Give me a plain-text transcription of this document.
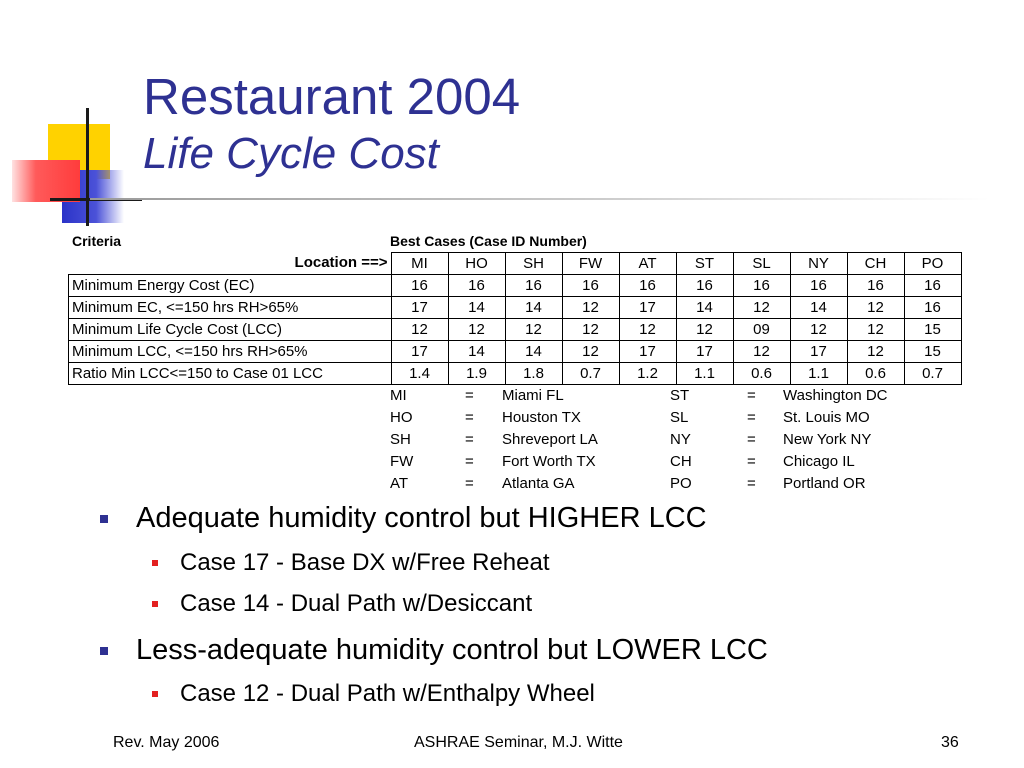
Restaurant 2004
Life Cycle Cost
Criteria	Best Cases (Case ID Number)
Location ==>	MI	HO	SH	FW	AT	ST	SL	NY	CH	PO
Minimum Energy Cost (EC)	16	16	16	16	16	16	16	16	16	16
Minimum EC, <=150 hrs RH>65%	17	14	14	12	17	14	12	14	12	16
Minimum Life Cycle Cost (LCC)	12	12	12	12	12	12	09	12	12	15
Minimum LCC, <=150 hrs RH>65%	17	14	14	12	17	17	12	17	12	15
Ratio Min LCC<=150 to Case 01 LCC	1.4	1.9	1.8	0.7	1.2	1.1	0.6	1.1	0.6	0.7
MI	= Miami FL	ST	= Washington DC
HO	= Houston TX	SL	= St. Louis MO
SH	= Shreveport LA	NY	= New York NY
FW	= Fort Worth TX	CH	= Chicago IL
AT	= Atlanta GA	PO	= Portland OR
Adequate humidity control but HIGHER LCC
Case 17 - Base DX w/Free Reheat
Case 14 - Dual Path w/Desiccant
Less-adequate humidity control but LOWER LCC
Case 12 - Dual Path w/Enthalpy Wheel
Rev. May 2006	ASHRAE Seminar, M.J. Witte	36
